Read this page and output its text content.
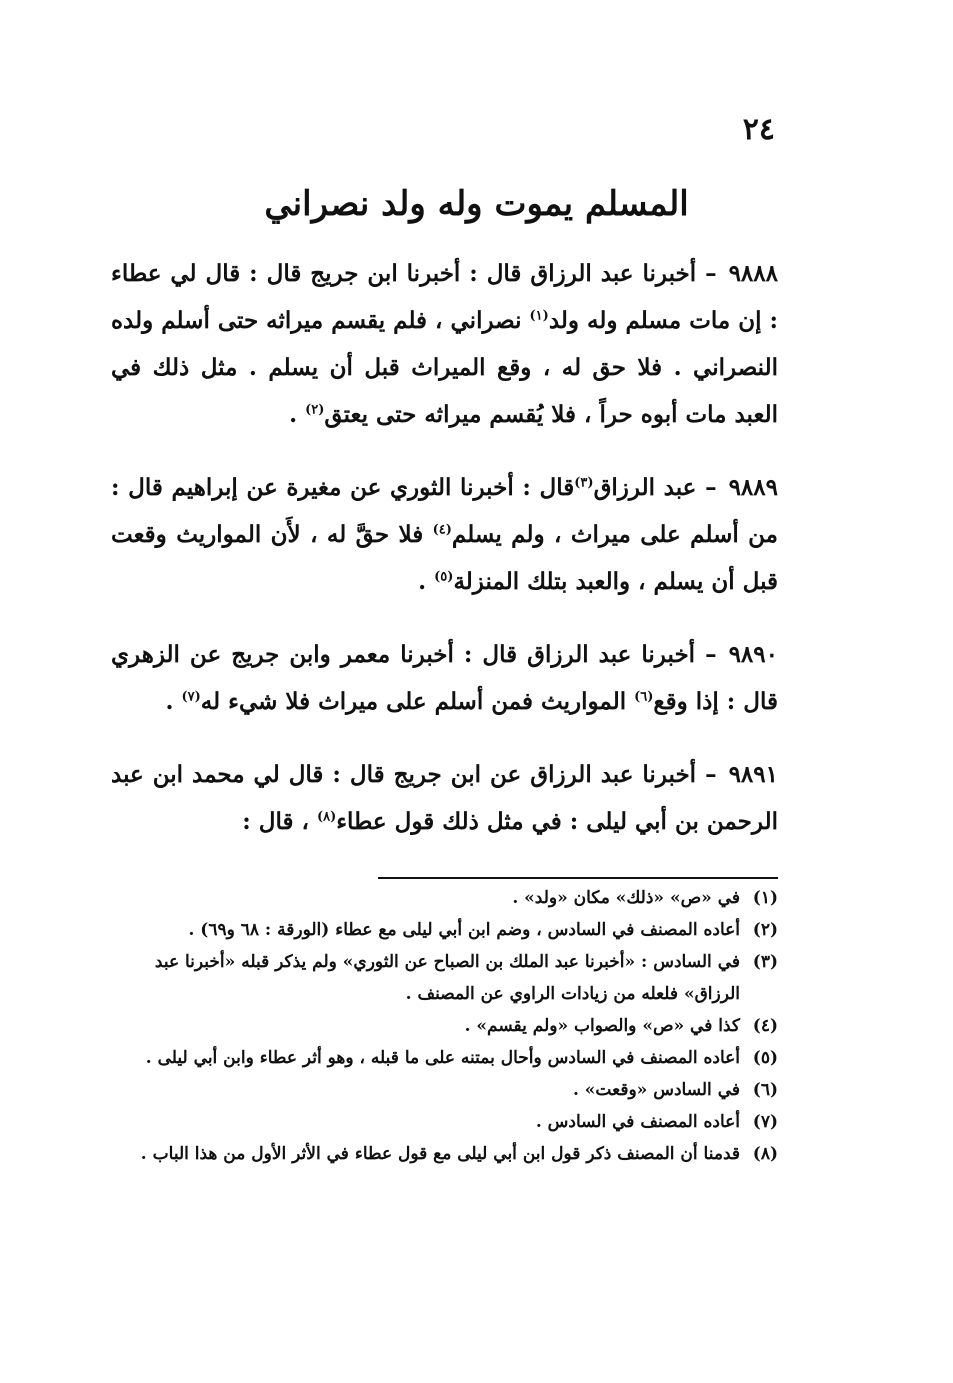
٢٤
المسلم يموت وله ولد نصراني

٩٨٨٨– أخبرنا عبد الرزاق قال : أخبرنا ابن جريج قال : قال لي عطاء : إن مات مسلم وله ولد$^{(١)}$ نصراني ، فلم يقسم ميراثه حتى أسلم ولده النصراني . فلا حق له ، وقع الميراث قبل أن يسلم . مثل ذلك في العبد مات أبوه حراً ، فلا يُقسم ميراثه حتى يعتق$^{(٢)}$ .

٩٨٨٩– عبد الرزاق$^{(٣)}$قال : أخبرنا الثوري عن مغيرة عن إبراهيم قال : من أسلم على ميراث ، ولم يسلم$^{(٤)}$ فلا حقَّ له ، لأَن المواريث وقعت قبل أن يسلم ، والعبد بتلك المنزلة$^{(٥)}$ .

٩٨٩٠– أخبرنا عبد الرزاق قال : أخبرنا معمر وابن جريج عن الزهري قال : إذا وقع$^{(٦)}$ المواريث فمن أسلم على ميراث فلا شيء له$^{(٧)}$ .

٩٨٩١– أخبرنا عبد الرزاق عن ابن جريج قال : قال لي محمد ابن عبد الرحمن بن أبي ليلى : في مثل ذلك قول عطاء$^{(٨)}$ ، قال :

(١)في «ص» «ذلك» مكان «ولد» .

(٢)أعاده المصنف في السادس ، وضم ابن أبي ليلى مع عطاء (الورقة : ٦٨ و٦٩) .

(٣)في السادس : «أخبرنا عبد الملك بن الصباح عن الثوري» ولم يذكر قبله «أخبرنا عبد الرزاق» فلعله من زيادات الراوي عن المصنف .

(٤)كذا في «ص» والصواب «ولم يقسم» .

(٥)أعاده المصنف في السادس وأحال بمتنه على ما قبله ، وهو أثر عطاء وابن أبي ليلى .

(٦)في السادس «وقعت» .

(٧)أعاده المصنف في السادس .

(٨)قدمنا أن المصنف ذكر قول ابن أبي ليلى مع قول عطاء في الأثر الأول من هذا الباب .
